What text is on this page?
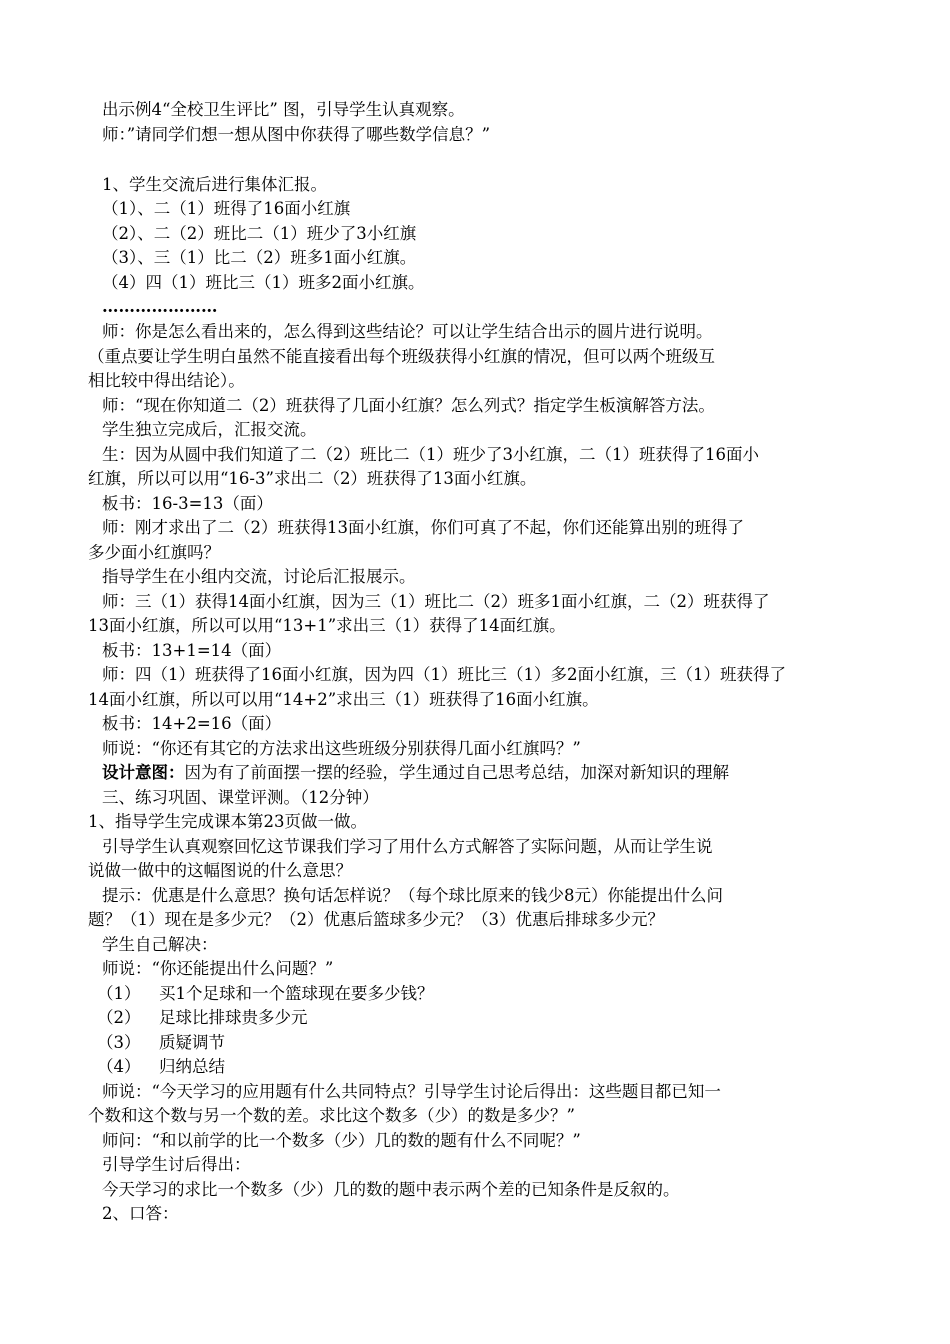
出示例4“全校卫生评比” 图，引导学生认真观察。
师：”请同学们想一想从图中你获得了哪些数学信息？”
1、学生交流后进行集体汇报。
（1）、二（1）班得了16面小红旗
（2）、二（2）班比二（1）班少了3小红旗
（3）、三（1）比二（2）班多1面小红旗。
（4）四（1）班比三（1）班多2面小红旗。
…………………
师：你是怎么看出来的，怎么得到这些结论？可以让学生结合出示的圆片进行说明。
（重点要让学生明白虽然不能直接看出每个班级获得小红旗的情况，但可以两个班级互
相比较中得出结论）。
师：“现在你知道二（2）班获得了几面小红旗？怎么列式？指定学生板演解答方法。
学生独立完成后，汇报交流。
生：因为从圆中我们知道了二（2）班比二（1）班少了3小红旗，二（1）班获得了16面小
红旗，所以可以用“16-3”求出二（2）班获得了13面小红旗。
板书：16-3=13（面）
师：刚才求出了二（2）班获得13面小红旗，你们可真了不起，你们还能算出别的班得了
多少面小红旗吗？
指导学生在小组内交流，讨论后汇报展示。
师：三（1）获得14面小红旗，因为三（1）班比二（2）班多1面小红旗，二（2）班获得了
13面小红旗，所以可以用“13+1”求出三（1）获得了14面红旗。
板书：13+1=14（面）
师：四（1）班获得了16面小红旗，因为四（1）班比三（1）多2面小红旗，三（1）班获得了
14面小红旗，所以可以用“14+2”求出三（1）班获得了16面小红旗。
板书：14+2=16（面）
师说：“你还有其它的方法求出这些班级分别获得几面小红旗吗？”
设计意图：因为有了前面摆一摆的经验，学生通过自己思考总结，加深对新知识的理解
三、练习巩固、课堂评测。（12分钟）
1、指导学生完成课本第23页做一做。
引导学生认真观察回忆这节课我们学习了用什么方式解答了实际问题，从而让学生说
说做一做中的这幅图说的什么意思？
提示：优惠是什么意思？换句话怎样说？（每个球比原来的钱少8元）你能提出什么问
题？（1）现在是多少元？（2）优惠后篮球多少元？（3）优惠后排球多少元？
学生自己解决：
师说：“你还能提出什么问题？”
（1） 买1个足球和一个篮球现在要多少钱？
（2） 足球比排球贵多少元
（3） 质疑调节
（4） 归纳总结
师说：“今天学习的应用题有什么共同特点？引导学生讨论后得出：这些题目都已知一
个数和这个数与另一个数的差。求比这个数多（少）的数是多少？”
师问：“和以前学的比一个数多（少）几的数的题有什么不同呢？”
引导学生讨后得出：
今天学习的求比一个数多（少）几的数的题中表示两个差的已知条件是反叙的。
2、口答：
